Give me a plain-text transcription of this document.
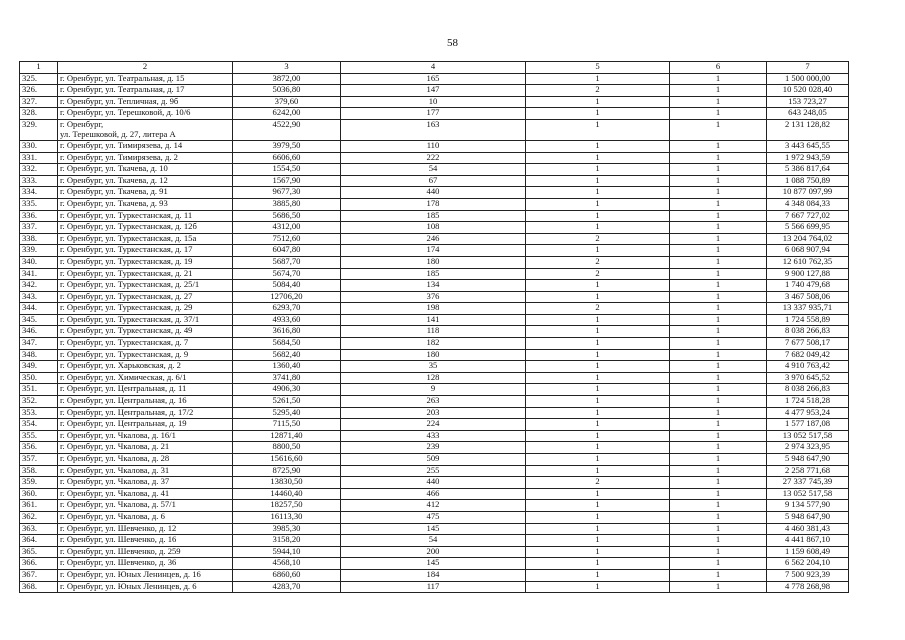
58
1	2	3	4	5	6	7
325.	г. Оренбург, ул. Театральная, д. 15	3872,00	165	1	1	1 500 000,00
326.	г. Оренбург, ул. Театральная, д. 17	5036,80	147	2	1	10 520 028,40
327.	г. Оренбург, ул. Тепличная, д. 9б	379,60	10	1	1	153 723,27
328.	г. Оренбург, ул. Терешковой, д. 10/6	6242,00	177	1	1	643 248,05
329.	г. Оренбург,
ул. Терешковой, д. 27, литера А	4522,90	163	1	1	2 131 128,82
330.	г. Оренбург, ул. Тимирязева, д. 14	3979,50	110	1	1	3 443 645,55
331.	г. Оренбург, ул. Тимирязева, д. 2	6606,60	222	1	1	1 972 943,59
332.	г. Оренбург, ул. Ткачева, д. 10	1554,50	54	1	1	5 386 817,64
333.	г. Оренбург, ул. Ткачева, д. 12	1567,90	67	1	1	1 088 750,89
334.	г. Оренбург, ул. Ткачева, д. 91	9677,30	440	1	1	10 877 097,99
335.	г. Оренбург, ул. Ткачева, д. 93	3885,80	178	1	1	4 348 084,33
336.	г. Оренбург, ул. Туркестанская, д. 11	5686,50	185	1	1	7 667 727,02
337.	г. Оренбург, ул. Туркестанская, д. 12б	4312,00	108	1	1	5 566 699,95
338.	г. Оренбург, ул. Туркестанская, д. 15а	7512,60	246	2	1	13 204 764,02
339.	г. Оренбург, ул. Туркестанская, д. 17	6047,80	174	1	1	6 068 907,94
340.	г. Оренбург, ул. Туркестанская, д. 19	5687,70	180	2	1	12 610 762,35
341.	г. Оренбург, ул. Туркестанская, д. 21	5674,70	185	2	1	9 900 127,88
342.	г. Оренбург, ул. Туркестанская, д. 25/1	5084,40	134	1	1	1 740 479,68
343.	г. Оренбург, ул. Туркестанская, д. 27	12706,20	376	1	1	3 467 508,06
344.	г. Оренбург, ул. Туркестанская, д. 29	6293,70	198	2	1	13 337 935,71
345.	г. Оренбург, ул. Туркестанская, д. 37/1	4933,60	141	1	1	1 724 558,89
346.	г. Оренбург, ул. Туркестанская, д. 49	3616,80	118	1	1	8 038 266,83
347.	г. Оренбург, ул. Туркестанская, д. 7	5684,50	182	1	1	7 677 508,17
348.	г. Оренбург, ул. Туркестанская, д. 9	5682,40	180	1	1	7 682 049,42
349.	г. Оренбург, ул. Харьковская, д. 2	1360,40	35	1	1	4 910 763,42
350.	г. Оренбург, ул. Химическая, д. 6/1	3741,80	128	1	1	3 970 645,52
351.	г. Оренбург, ул. Центральная, д. 11	4906,30	9	1	1	8 038 266,83
352.	г. Оренбург, ул. Центральная, д. 16	5261,50	263	1	1	1 724 518,28
353.	г. Оренбург, ул. Центральная, д. 17/2	5295,40	203	1	1	4 477 953,24
354.	г. Оренбург, ул. Центральная, д. 19	7115,50	224	1	1	1 577 187,08
355.	г. Оренбург, ул. Чкалова, д. 16/1	12871,40	433	1	1	13 052 517,58
356.	г. Оренбург, ул. Чкалова, д. 21	8800,50	239	1	1	2 974 323,95
357.	г. Оренбург, ул. Чкалова, д. 28	15616,60	509	1	1	5 948 647,90
358.	г. Оренбург, ул. Чкалова, д. 31	8725,90	255	1	1	2 258 771,68
359.	г. Оренбург, ул. Чкалова, д. 37	13830,50	440	2	1	27 337 745,39
360.	г. Оренбург, ул. Чкалова, д. 41	14460,40	466	1	1	13 052 517,58
361.	г. Оренбург, ул. Чкалова, д. 57/1	18257,50	412	1	1	9 134 577,90
362.	г. Оренбург, ул. Чкалова, д. 6	16113,30	475	1	1	5 948 647,90
363.	г. Оренбург, ул. Шевченко, д. 12	3985,30	145	1	1	4 460 381,43
364.	г. Оренбург, ул. Шевченко, д. 16	3158,20	54	1	1	4 441 867,10
365.	г. Оренбург, ул. Шевченко, д. 259	5944,10	200	1	1	1 159 608,49
366.	г. Оренбург, ул. Шевченко, д. 36	4568,10	145	1	1	6 562 204,10
367.	г. Оренбург, ул. Юных Ленинцев, д. 16	6860,60	184	1	1	7 500 923,39
368.	г. Оренбург, ул. Юных Ленинцев, д. 6	4283,70	117	1	1	4 778 268,98
